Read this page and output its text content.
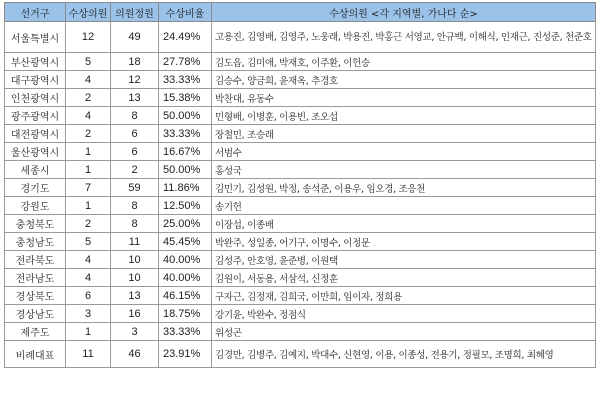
선거구	수상의원	의원정원	수상비율	수상의원 <각 지역별, 가나다 순>
서울특별시	12	49	24.49%	고용진, 김영배, 김영주, 노웅래, 박용진, 박홍근 서영교, 안규백, 이해식, 인재근, 진성준, 천준호
부산광역시	5	18	27.78%	김도읍, 김미애, 박재호, 이주환, 이헌승
대구광역시	4	12	33.33%	김승수, 양금희, 윤재옥, 추경호
인천광역시	2	13	15.38%	박찬대, 유동수
광주광역시	4	8	50.00%	민형배, 이병훈, 이용빈, 조오섭
대전광역시	2	6	33.33%	장철민, 조승래
울산광역시	1	6	16.67%	서범수
세종시	1	2	50.00%	홍성국
경기도	7	59	11.86%	김민기, 김성원, 박정, 송석준, 이용우, 임오경, 조응천
강원도	1	8	12.50%	송기헌
충청북도	2	8	25.00%	이장섭, 이종배
충청남도	5	11	45.45%	박완주, 성일종, 어기구, 이명수, 이정문
전라북도	4	10	40.00%	김성주, 안호영, 윤준병, 이원택
전라남도	4	10	40.00%	김원이, 서동용, 서삼석, 신정훈
경상북도	6	13	46.15%	구자근, 김정재, 김희국, 이만희, 임이자, 정희용
경상남도	3	16	18.75%	강기윤, 박완수, 정점식
제주도	1	3	33.33%	위성곤
비례대표	11	46	23.91%	김경만, 김병주, 김예지, 박대수, 신현영, 이용, 이종성, 전용기, 정필모, 조명희, 최혜영
